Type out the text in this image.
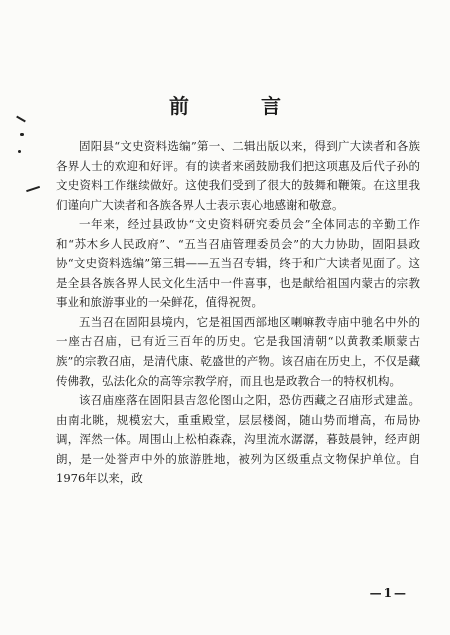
前　言

固阳县“文史资料选编”第一、二辑出版以来，得到广大读者和各族各界人士的欢迎和好评。有的读者来函鼓励我们把这项惠及后代子孙的文史资料工作继续做好。这使我们受到了很大的鼓舞和鞭策。在这里我们谨向广大读者和各族各界人士表示衷心地感谢和敬意。

一年来，经过县政协“文史资料研究委员会”全体同志的辛勤工作和“苏木乡人民政府”、“五当召庙管理委员会”的大力协助，固阳县政协“文史资料选编”第三辑——五当召专辑，终于和广大读者见面了。这是全县各族各界人民文化生活中一件喜事，也是献给祖国内蒙古的宗教事业和旅游事业的一朵鲜花，值得祝贺。

五当召在固阳县境内，它是祖国西部地区喇嘛教寺庙中驰名中外的一座古召庙，已有近三百年的历史。它是我国清朝“以黄教柔顺蒙古族”的宗教召庙，是清代康、乾盛世的产物。该召庙在历史上，不仅是藏传佛教，弘法化众的高等宗教学府，而且也是政教合一的特权机构。

该召庙座落在固阳县吉忽伦图山之阳，恐仿西藏之召庙形式建盖。由南北眺，规模宏大，重重殿堂，层层楼阁，随山势而增高，布局协调，浑然一体。周围山上松柏森森，沟里流水潺潺，暮鼓晨钟，经声朗朗，是一处誉声中外的旅游胜地，被列为区级重点文物保护单位。自1976年以来，政

—1—
